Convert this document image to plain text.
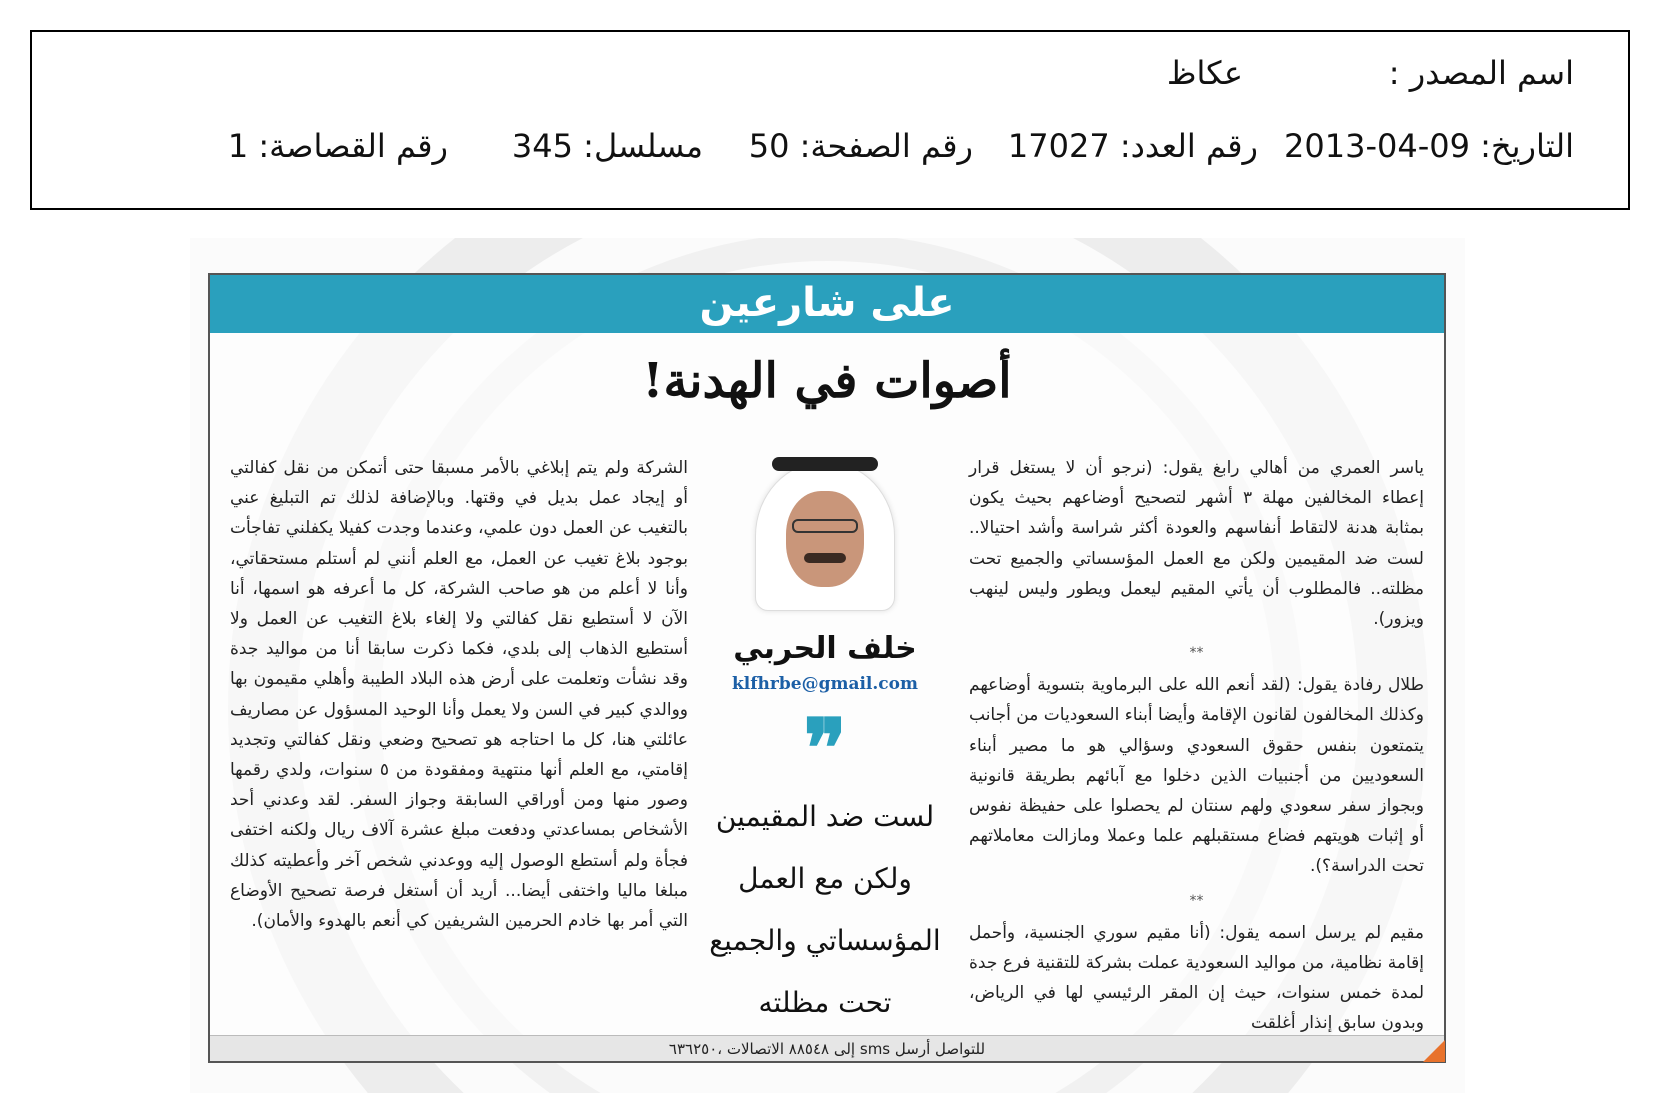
اسم المصدر :
عكاظ
التاريخ: 2013-04-09
رقم العدد: 17027
رقم الصفحة: 50
مسلسل: 345
رقم القصاصة: 1
على شارعين
أصوات في الهدنة!

ياسر العمري من أهالي رابغ يقول: (نرجو أن لا يستغل قرار إعطاء المخالفين مهلة ٣ أشهر لتصحيح أوضاعهم بحيث يكون بمثابة هدنة لالتقاط أنفاسهم والعودة أكثر شراسة وأشد احتيالا.. لست ضد المقيمين ولكن مع العمل المؤسساتي والجميع تحت مظلته.. فالمطلوب أن يأتي المقيم ليعمل ويطور وليس لينهب ويزور).

**

طلال رفادة يقول: (لقد أنعم الله على البرماوية بتسوية أوضاعهم وكذلك المخالفون لقانون الإقامة وأيضا أبناء السعوديات من أجانب يتمتعون بنفس حقوق السعودي وسؤالي هو ما مصير أبناء السعوديين من أجنبيات الذين دخلوا مع آبائهم بطريقة قانونية وبجواز سفر سعودي ولهم سنتان لم يحصلوا على حفيظة نفوس أو إثبات هويتهم فضاع مستقبلهم علما وعملا ومازالت معاملاتهم تحت الدراسة؟).

**

مقيم لم يرسل اسمه يقول: (أنا مقيم سوري الجنسية، وأحمل إقامة نظامية، من مواليد السعودية عملت بشركة للتقنية فرع جدة لمدة خمس سنوات، حيث إن المقر الرئيسي لها في الرياض، وبدون سابق إنذار أغلقت

خلف الحربي
klfhrbe@gmail.com
❞
لست ضد المقيمين
ولكن مع العمل
المؤسساتي والجميع
تحت مظلته

الشركة ولم يتم إبلاغي بالأمر مسبقا حتى أتمكن من نقل كفالتي أو إيجاد عمل بديل في وقتها. وبالإضافة لذلك تم التبليغ عني بالتغيب عن العمل دون علمي، وعندما وجدت كفيلا يكفلني تفاجأت بوجود بلاغ تغيب عن العمل، مع العلم أنني لم أستلم مستحقاتي، وأنا لا أعلم من هو صاحب الشركة، كل ما أعرفه هو اسمها، أنا الآن لا أستطيع نقل كفالتي ولا إلغاء بلاغ التغيب عن العمل ولا أستطيع الذهاب إلى بلدي، فكما ذكرت سابقا أنا من مواليد جدة وقد نشأت وتعلمت على أرض هذه البلاد الطيبة وأهلي مقيمون بها ووالدي كبير في السن ولا يعمل وأنا الوحيد المسؤول عن مصاريف عائلتي هنا، كل ما احتاجه هو تصحيح وضعي ونقل كفالتي وتجديد إقامتي، مع العلم أنها منتهية ومفقودة من ٥ سنوات، ولدي رقمها وصور منها ومن أوراقي السابقة وجواز السفر. لقد وعدني أحد الأشخاص بمساعدتي ودفعت مبلغ عشرة آلاف ريال ولكنه اختفى فجأة ولم أستطع الوصول إليه ووعدني شخص آخر وأعطيته كذلك مبلغا ماليا واختفى أيضا... أريد أن أستغل فرصة تصحيح الأوضاع التي أمر بها خادم الحرمين الشريفين كي أنعم بالهدوء والأمان).

للتواصل أرسل sms إلى ٨٨٥٤٨ الاتصالات ،٦٣٦٢٥٠
